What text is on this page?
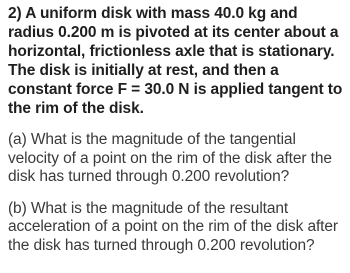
2) A uniform disk with mass 40.0 kg and radius 0.200 m is pivoted at its center about a horizontal, frictionless axle that is stationary. The disk is initially at rest, and then a constant force F = 30.0 N is applied tangent to the rim of the disk.

(a) What is the magnitude of the tangential velocity of a point on the rim of the disk after the disk has turned through 0.200 revolution?

(b) What is the magnitude of the resultant acceleration of a point on the rim of the disk after the disk has turned through 0.200 revolution?
